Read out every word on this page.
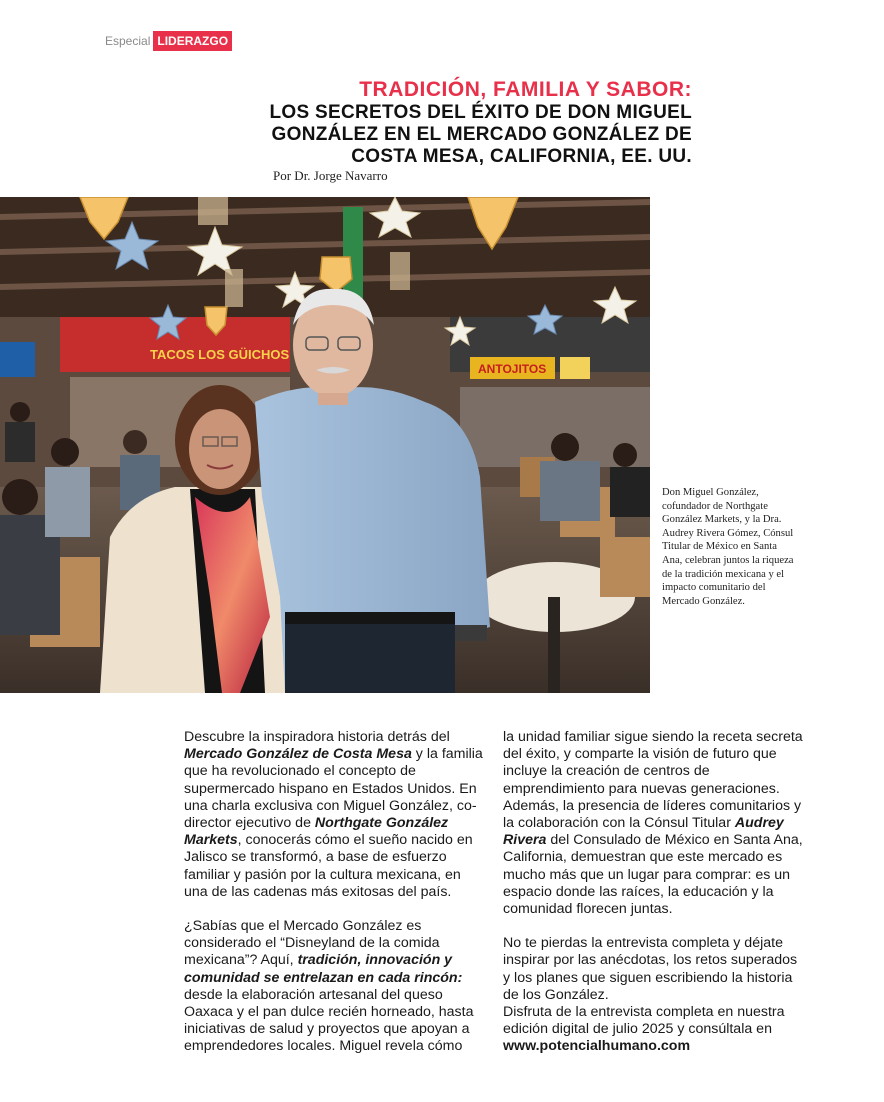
Especial LIDERAZGO
TRADICIÓN, FAMILIA Y SABOR:
LOS SECRETOS DEL ÉXITO DE DON MIGUEL
GONZÁLEZ EN EL MERCADO GONZÁLEZ DE
COSTA MESA, CALIFORNIA, EE. UU.
Por Dr. Jorge Navarro
TACOS LOS GÜICHOS
ANTOJITOS
Don Miguel González, cofundador de Northgate González Markets, y la Dra. Audrey Rivera Gómez, Cónsul Titular de México en Santa Ana, celebran juntos la riqueza de la tradición mexicana y el impacto comunitario del Mercado González.

Descubre la inspiradora historia detrás del Mercado González de Costa Mesa y la familia que ha revolucionado el concepto de supermercado hispano en Estados Unidos. En una charla exclusiva con Miguel González, co-director ejecutivo de Northgate González Markets, conocerás cómo el sueño nacido en Jalisco se transformó, a base de esfuerzo familiar y pasión por la cultura mexicana, en una de las cadenas más exitosas del país.

¿Sabías que el Mercado González es considerado el “Disneyland de la comida mexicana”? Aquí, tradición, innovación y comunidad se entrelazan en cada rincón: desde la elaboración artesanal del queso Oaxaca y el pan dulce recién horneado, hasta iniciativas de salud y proyectos que apoyan a emprendedores locales. Miguel revela cómo

la unidad familiar sigue siendo la receta secreta del éxito, y comparte la visión de futuro que incluye la creación de centros de emprendimiento para nuevas generaciones. Además, la presencia de líderes comunitarios y la colaboración con la Cónsul Titular Audrey Rivera del Consulado de México en Santa Ana, California, demuestran que este mercado es mucho más que un lugar para comprar: es un espacio donde las raíces, la educación y la comunidad florecen juntas.

No te pierdas la entrevista completa y déjate inspirar por las anécdotas, los retos superados y los planes que siguen escribiendo la historia de los González.

Disfruta de la entrevista completa en nuestra edición digital de julio 2025 y consúltala en
www.potencialhumano.com
